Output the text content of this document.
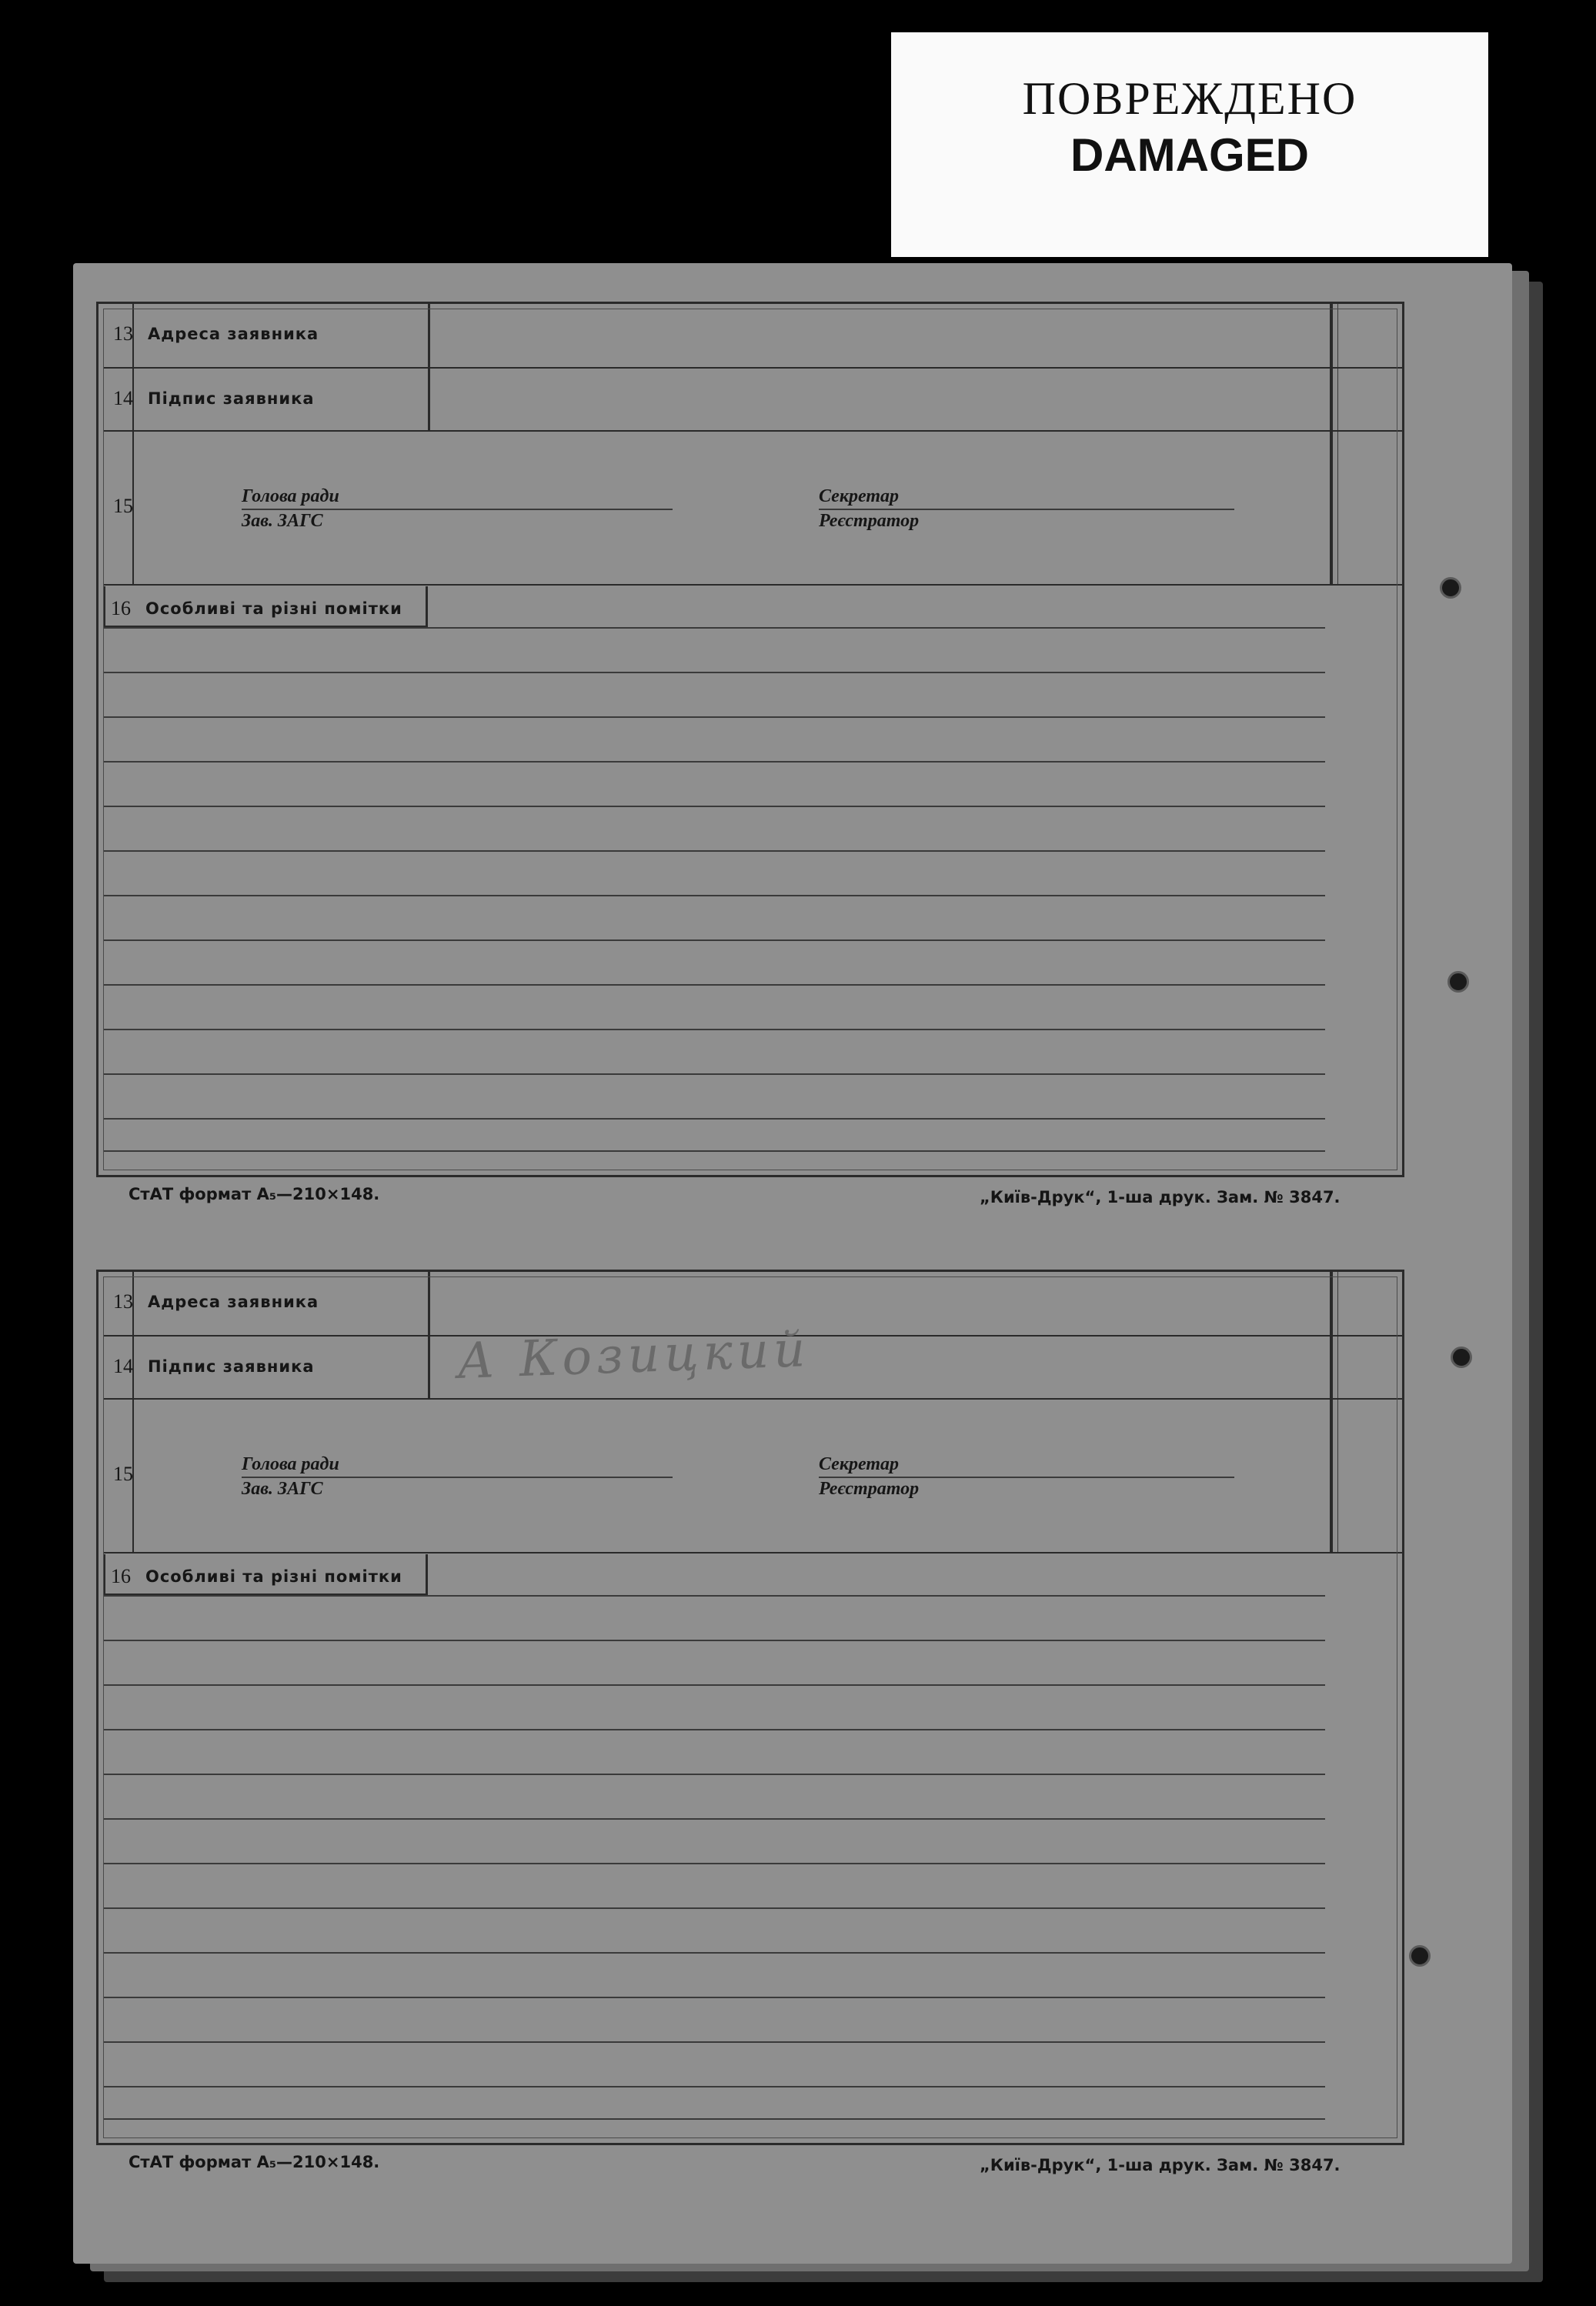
ПОВРЕЖДЕНО
DAMAGED
13 Адреса заявника
14 Підпис заявника
15	Голова ради
Зав. ЗАГС
Секретар
Реєстратор
16 Особливі та різні помітки
СтАТ формат А₅—210×148.	„Київ-Друк“, 1-ша друк. Зам. № 3847.
13 Адреса заявника
14 Підпис заявника	А Козицкий
15	Голова ради
Зав. ЗАГС
Секретар
Реєстратор
16 Особливі та різні помітки
СтАТ формат А₅—210×148.	„Київ-Друк“, 1-ша друк. Зам. № 3847.
